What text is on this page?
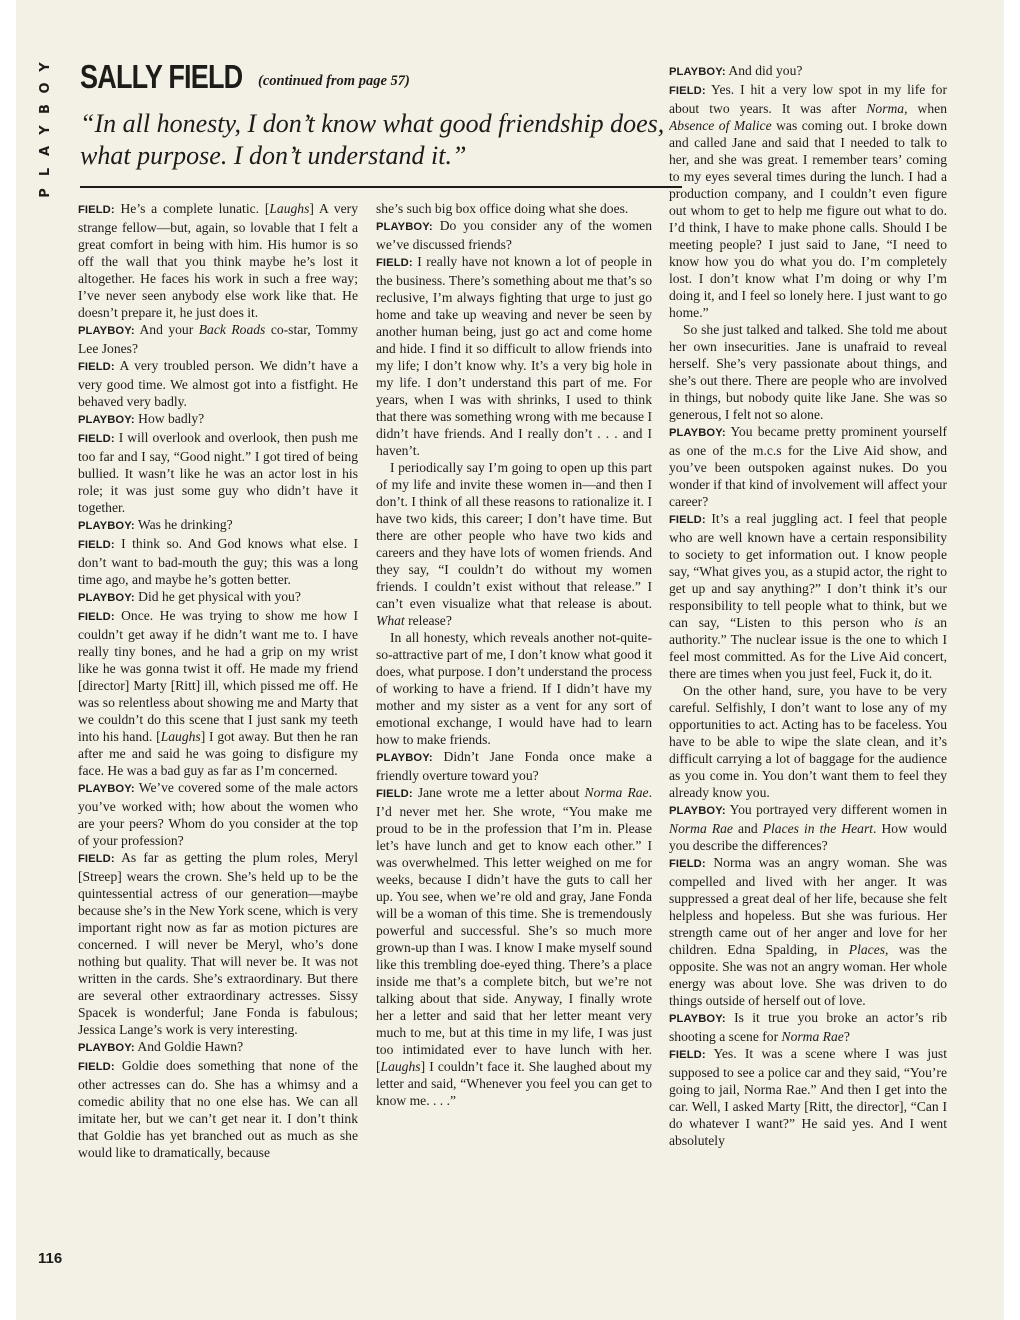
P
L
A
Y
B
O
Y SALLY FIELD (continued from page 57)
“In all honesty, I don’t know what good friendship does, what purpose. I don’t understand it.”

FIELD: He’s a complete lunatic. [Laughs] A very strange fellow—but, again, so lovable that I felt a great comfort in being with him. His humor is so off the wall that you think maybe he’s lost it altogether. He faces his work in such a free way; I’ve never seen anybody else work like that. He doesn’t prepare it, he just does it.

PLAYBOY: And your Back Roads co-star, Tommy Lee Jones?

FIELD: A very troubled person. We didn’t have a very good time. We almost got into a fistfight. He behaved very badly.

PLAYBOY: How badly?

FIELD: I will overlook and overlook, then push me too far and I say, “Good night.” I got tired of being bullied. It wasn’t like he was an actor lost in his role; it was just some guy who didn’t have it together.

PLAYBOY: Was he drinking?

FIELD: I think so. And God knows what else. I don’t want to bad-mouth the guy; this was a long time ago, and maybe he’s gotten better.

PLAYBOY: Did he get physical with you?

FIELD: Once. He was trying to show me how I couldn’t get away if he didn’t want me to. I have really tiny bones, and he had a grip on my wrist like he was gonna twist it off. He made my friend [director] Marty [Ritt] ill, which pissed me off. He was so relentless about showing me and Marty that we couldn’t do this scene that I just sank my teeth into his hand. [Laughs] I got away. But then he ran after me and said he was going to disfigure my face. He was a bad guy as far as I’m concerned.

PLAYBOY: We’ve covered some of the male actors you’ve worked with; how about the women who are your peers? Whom do you consider at the top of your profession?

FIELD: As far as getting the plum roles, Meryl [Streep] wears the crown. She’s held up to be the quintessential actress of our generation—maybe because she’s in the New York scene, which is very important right now as far as motion pictures are concerned. I will never be Meryl, who’s done nothing but quality. That will never be. It was not written in the cards. She’s extraordinary. But there are several other extraordinary actresses. Sissy Spacek is wonderful; Jane Fonda is fabulous; Jessica Lange’s work is very interesting.

PLAYBOY: And Goldie Hawn?

FIELD: Goldie does something that none of the other actresses can do. She has a whimsy and a comedic ability that no one else has. We can all imitate her, but we can’t get near it. I don’t think that Goldie has yet branched out as much as she would like to dramatically, because

she’s such big box office doing what she does.

PLAYBOY: Do you consider any of the women we’ve discussed friends?

FIELD: I really have not known a lot of people in the business. There’s something about me that’s so reclusive, I’m always fighting that urge to just go home and take up weaving and never be seen by another human being, just go act and come home and hide. I find it so difficult to allow friends into my life; I don’t know why. It’s a very big hole in my life. I don’t understand this part of me. For years, when I was with shrinks, I used to think that there was something wrong with me because I didn’t have friends. And I really don’t . . . and I haven’t.

I periodically say I’m going to open up this part of my life and invite these women in—and then I don’t. I think of all these reasons to rationalize it. I have two kids, this career; I don’t have time. But there are other people who have two kids and careers and they have lots of women friends. And they say, “I couldn’t do without my women friends. I couldn’t exist without that release.” I can’t even visualize what that release is about. What release?

In all honesty, which reveals another not-quite-so-attractive part of me, I don’t know what good it does, what purpose. I don’t understand the process of working to have a friend. If I didn’t have my mother and my sister as a vent for any sort of emotional exchange, I would have had to learn how to make friends.

PLAYBOY: Didn’t Jane Fonda once make a friendly overture toward you?

FIELD: Jane wrote me a letter about Norma Rae. I’d never met her. She wrote, “You make me proud to be in the profession that I’m in. Please let’s have lunch and get to know each other.” I was overwhelmed. This letter weighed on me for weeks, because I didn’t have the guts to call her up. You see, when we’re old and gray, Jane Fonda will be a woman of this time. She is tremendously powerful and successful. She’s so much more grown-up than I was. I know I make myself sound like this trembling doe-eyed thing. There’s a place inside me that’s a complete bitch, but we’re not talking about that side. Anyway, I finally wrote her a letter and said that her letter meant very much to me, but at this time in my life, I was just too intimidated ever to have lunch with her. [Laughs] I couldn’t face it. She laughed about my letter and said, “Whenever you feel you can get to know me. . . .”

PLAYBOY: And did you?

FIELD: Yes. I hit a very low spot in my life for about two years. It was after Norma, when Absence of Malice was coming out. I broke down and called Jane and said that I needed to talk to her, and she was great. I remember tears’ coming to my eyes several times during the lunch. I had a production company, and I couldn’t even figure out whom to get to help me figure out what to do. I’d think, I have to make phone calls. Should I be meeting people? I just said to Jane, “I need to know how you do what you do. I’m completely lost. I don’t know what I’m doing or why I’m doing it, and I feel so lonely here. I just want to go home.”

So she just talked and talked. She told me about her own insecurities. Jane is unafraid to reveal herself. She’s very passionate about things, and she’s out there. There are people who are involved in things, but nobody quite like Jane. She was so generous, I felt not so alone.

PLAYBOY: You became pretty prominent yourself as one of the m.c.s for the Live Aid show, and you’ve been outspoken against nukes. Do you wonder if that kind of involvement will affect your career?

FIELD: It’s a real juggling act. I feel that people who are well known have a certain responsibility to society to get information out. I know people say, “What gives you, as a stupid actor, the right to get up and say anything?” I don’t think it’s our responsibility to tell people what to think, but we can say, “Listen to this person who is an authority.” The nuclear issue is the one to which I feel most committed. As for the Live Aid concert, there are times when you just feel, Fuck it, do it.

On the other hand, sure, you have to be very careful. Selfishly, I don’t want to lose any of my opportunities to act. Acting has to be faceless. You have to be able to wipe the slate clean, and it’s difficult carrying a lot of baggage for the audience as you come in. You don’t want them to feel they already know you.

PLAYBOY: You portrayed very different women in Norma Rae and Places in the Heart. How would you describe the differences?

FIELD: Norma was an angry woman. She was compelled and lived with her anger. It was suppressed a great deal of her life, because she felt helpless and hopeless. But she was furious. Her strength came out of her anger and love for her children. Edna Spalding, in Places, was the opposite. She was not an angry woman. Her whole energy was about love. She was driven to do things outside of herself out of love.

PLAYBOY: Is it true you broke an actor’s rib shooting a scene for Norma Rae?

FIELD: Yes. It was a scene where I was just supposed to see a police car and they said, “You’re going to jail, Norma Rae.” And then I get into the car. Well, I asked Marty [Ritt, the director], “Can I do whatever I want?” He said yes. And I went absolutely

116
